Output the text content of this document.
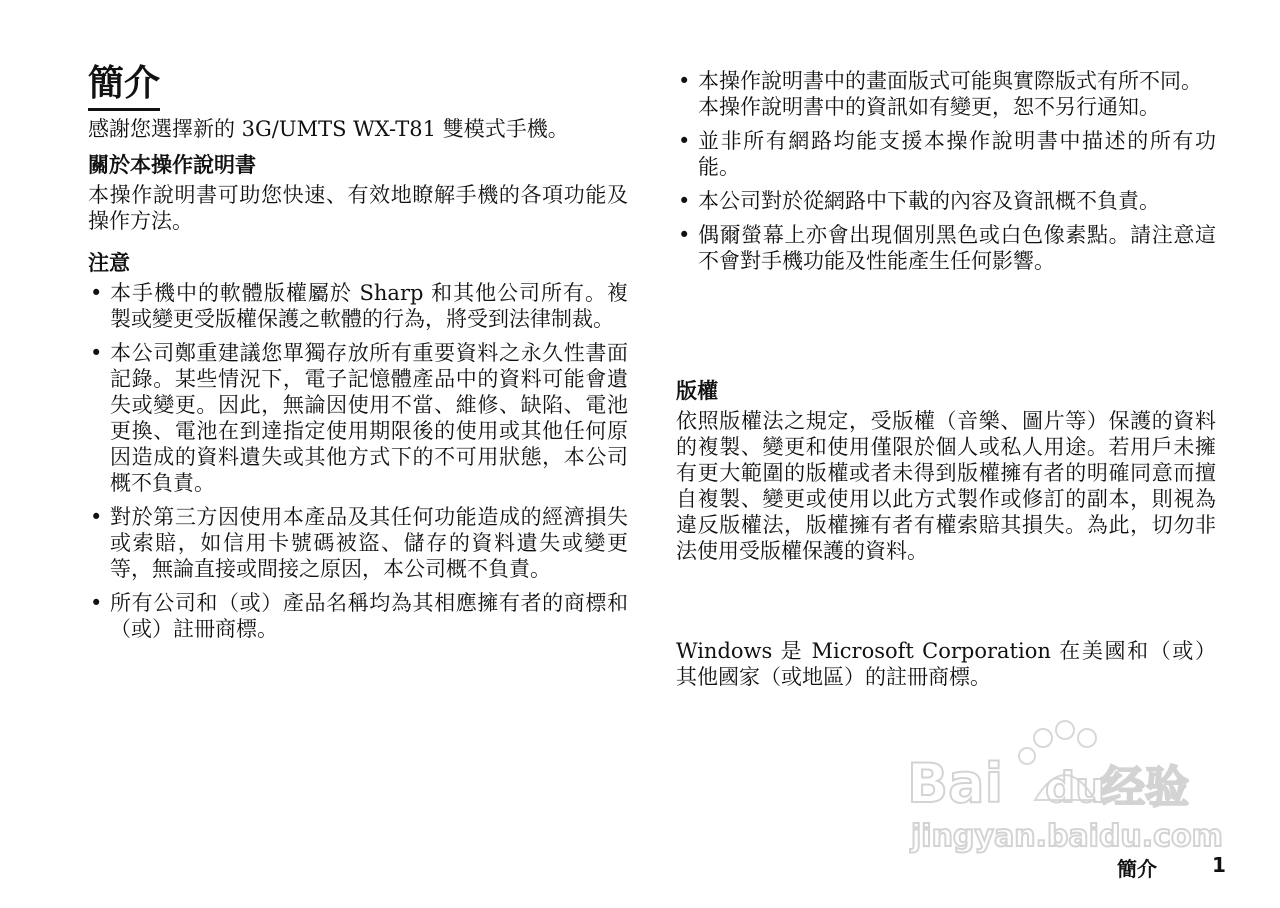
簡介

感謝您選擇新的 3G/UMTS WX-T81 雙模式手機。

關於本操作說明書

本操作說明書可助您快速、有效地瞭解手機的各項功能及操作方法。

注意
• 本手機中的軟體版權屬於 Sharp 和其他公司所有。複製或變更受版權保護之軟體的行為，將受到法律制裁。
• 本公司鄭重建議您單獨存放所有重要資料之永久性書面記錄。某些情況下，電子記憶體產品中的資料可能會遺失或變更。因此，無論因使用不當、維修、缺陷、電池更換、電池在到達指定使用期限後的使用或其他任何原因造成的資料遺失或其他方式下的不可用狀態，本公司概不負責。
• 對於第三方因使用本產品及其任何功能造成的經濟損失或索賠，如信用卡號碼被盜、儲存的資料遺失或變更等，無論直接或間接之原因，本公司概不負責。
• 所有公司和（或）產品名稱均為其相應擁有者的商標和（或）註冊商標。
• 本操作說明書中的畫面版式可能與實際版式有所不同。
本操作說明書中的資訊如有變更，恕不另行通知。
• 並非所有網路均能支援本操作說明書中描述的所有功能。
• 本公司對於從網路中下載的內容及資訊概不負責。
• 偶爾螢幕上亦會出現個別黑色或白色像素點。請注意這不會對手機功能及性能產生任何影響。
版權

依照版權法之規定，受版權（音樂、圖片等）保護的資料的複製、變更和使用僅限於個人或私人用途。若用戶未擁有更大範圍的版權或者未得到版權擁有者的明確同意而擅自複製、變更或使用以此方式製作或修訂的副本，則視為違反版權法，版權擁有者有權索賠其損失。為此，切勿非法使用受版權保護的資料。

Windows 是 Microsoft Corporation 在美國和（或）其他國家（或地區）的註冊商標。

Bai du
经验
jingyan.baidu.com
簡介	1
